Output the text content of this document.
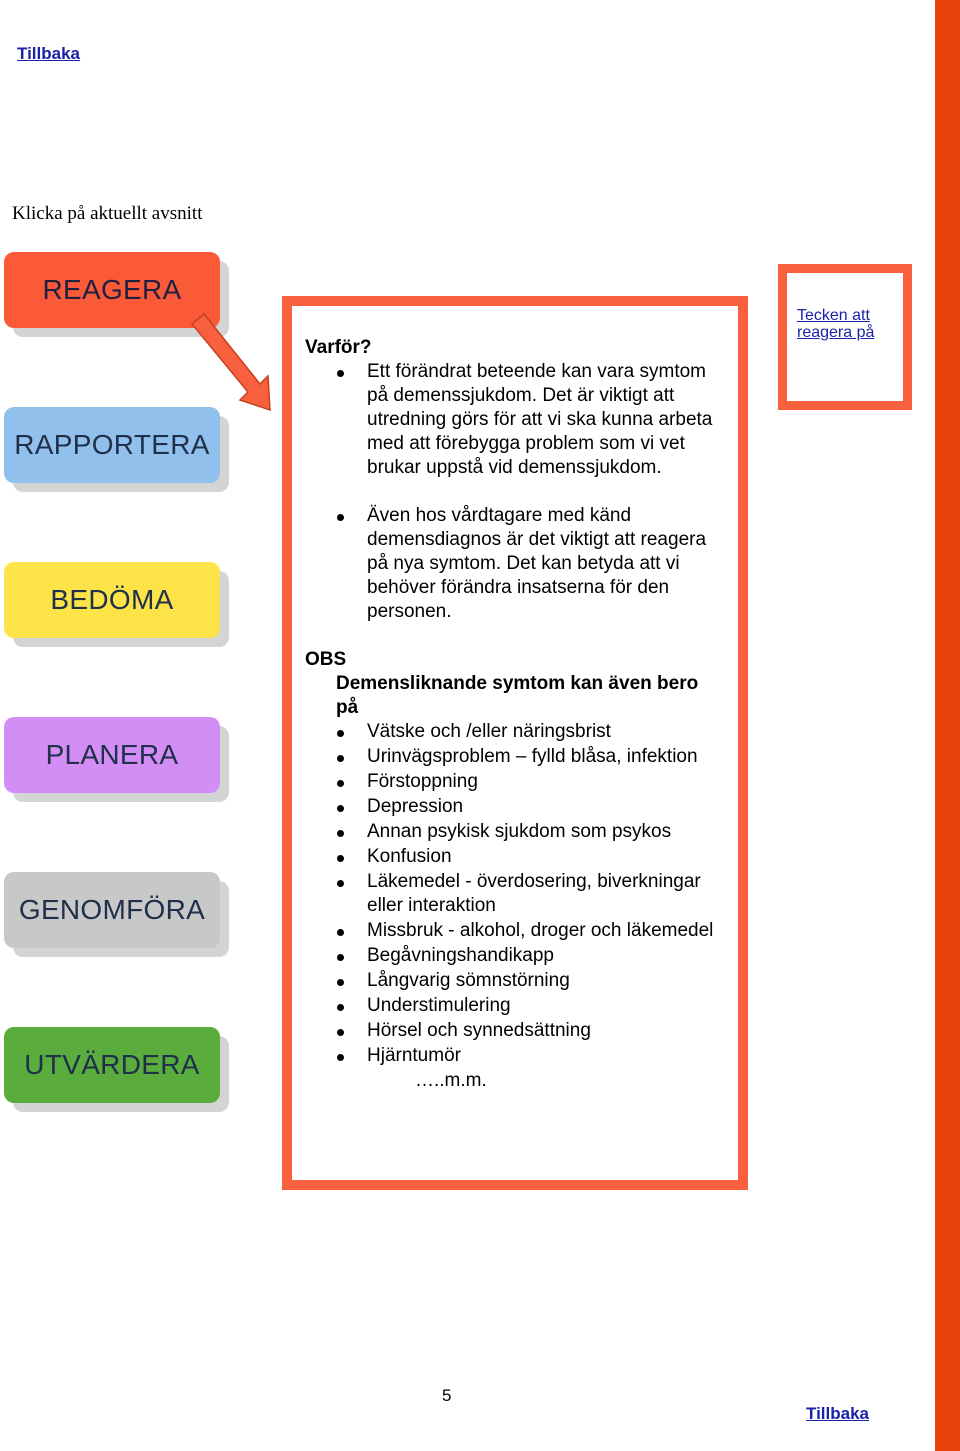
Tillbaka
Klicka på aktuellt avsnitt
REAGERA
RAPPORTERA
BEDÖMA
PLANERA
GENOMFÖRA
UTVÄRDERA
Varför?
Ett förändrat beteende kan vara symtom på demenssjukdom. Det är viktigt att utredning görs för att vi ska kunna arbeta med att förebygga problem som vi vet brukar uppstå vid demenssjukdom.
Även hos vårdtagare med känd demensdiagnos är det viktigt att reagera på nya symtom. Det kan betyda att vi behöver förändra insatserna för den personen.
OBS
Demensliknande symtom kan även bero på
Vätske och /eller näringsbrist
Urinvägsproblem – fylld blåsa, infektion
Förstoppning
Depression
Annan psykisk sjukdom som psykos
Konfusion
Läkemedel - överdosering, biverkningar eller interaktion
Missbruk - alkohol, droger och läkemedel
Begåvningshandikapp
Långvarig sömnstörning
Understimulering
Hörsel och synnedsättning
Hjärntumör
…..m.m.
Tecken att reagera på
5
Tillbaka
